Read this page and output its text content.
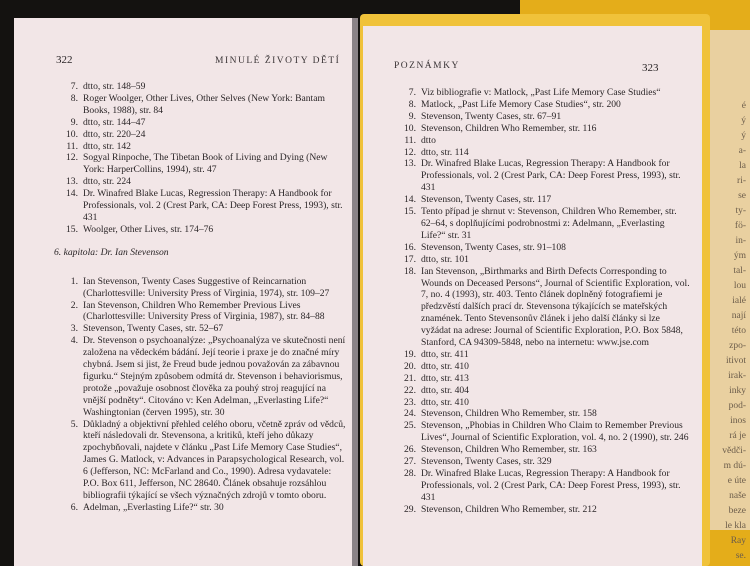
é
ý
ý
a-
la
ri-
se
ty-
fö-
in-
ým
tal-
lou
ialé
nají
této
zpo-
itivot
irak-
inky
pod-
inos
rá je
vědči-
m dú-
e úte
naše
beze
le kla
Ray
se.
322	MINULÉ ŽIVOTY DĚTÍ
7. dtto, str. 148–59
8. Roger Woolger, Other Lives, Other Selves (New York: Bantam Books, 1988), str. 84
9. dtto, str. 144–47
10. dtto, str. 220–24
11. dtto, str. 142
12. Sogyal Rinpoche, The Tibetan Book of Living and Dying (New York: HarperCollins, 1994), str. 47
13. dtto, str. 224
14. Dr. Winafred Blake Lucas, Regression Therapy: A Handbook for Professionals, vol. 2 (Crest Park, CA: Deep Forest Press, 1993), str. 431
15. Woolger, Other Lives, str. 174–76
6. kapitola: Dr. Ian Stevenson
1. Ian Stevenson, Twenty Cases Suggestive of Reincarnation (Charlottesville: University Press of Virginia, 1974), str. 109–27
2. Ian Stevenson, Children Who Remember Previous Lives (Charlottesville: University Press of Virginia, 1987), str. 84–88
3. Stevenson, Twenty Cases, str. 52–67
4. Dr. Stevenson o psychoanalýze: „Psychoanalýza ve skutečnosti není založena na vědeckém bádání. Její teorie i praxe je do značné míry chybná. Jsem si jist, že Freud bude jednou považován za zábavnou figurku.“ Stejným způsobem odmítá dr. Stevenson i behaviorismus, protože „považuje osobnost člověka za pouhý stroj reagující na vnější podněty“. Citováno v: Ken Adelman, „Everlasting Life?“ Washingtonian (červen 1995), str. 30
5. Důkladný a objektivní přehled celého oboru, včetně zpráv od vědců, kteří následovali dr. Stevensona, a kritiků, kteří jeho důkazy zpochybňovali, najdete v článku „Past Life Memory Case Studies“, James G. Matlock, v: Advances in Parapsychological Research, vol. 6 (Jefferson, NC: McFarland and Co., 1990). Adresa vydavatele: P.O. Box 611, Jefferson, NC 28640. Článek obsahuje rozsáhlou bibliografii týkající se všech význačných zdrojů v tomto oboru.
6. Adelman, „Everlasting Life?“ str. 30
POZNÁMKY	323
7. Viz bibliografie v: Matlock, „Past Life Memory Case Studies“
8. Matlock, „Past Life Memory Case Studies“, str. 200
9. Stevenson, Twenty Cases, str. 67–91
10. Stevenson, Children Who Remember, str. 116
11. dtto
12. dtto, str. 114
13. Dr. Winafred Blake Lucas, Regression Therapy: A Handbook for Professionals, vol. 2 (Crest Park, CA: Deep Forest Press, 1993), str. 431
14. Stevenson, Twenty Cases, str. 117
15. Tento případ je shrnut v: Stevenson, Children Who Remember, str. 62–64, s doplňujícími podrobnostmi z: Adelmann, „Everlasting Life?“ str. 31
16. Stevenson, Twenty Cases, str. 91–108
17. dtto, str. 101
18. Ian Stevenson, „Birthmarks and Birth Defects Corresponding to Wounds on Deceased Persons“, Journal of Scientific Exploration, vol. 7, no. 4 (1993), str. 403. Tento článek doplněný fotografiemi je předzvěstí dalších prací dr. Stevensona týkajících se mateřských znamének. Tento Stevensonův článek i jeho další články si lze vyžádat na adrese: Journal of Scientific Exploration, P.O. Box 5848, Stanford, CA 94309-5848, nebo na internetu: www.jse.com
19. dtto, str. 411
20. dtto, str. 410
21. dtto, str. 413
22. dtto, str. 404
23. dtto, str. 410
24. Stevenson, Children Who Remember, str. 158
25. Stevenson, „Phobias in Children Who Claim to Remember Previous Lives“, Journal of Scientific Exploration, vol. 4, no. 2 (1990), str. 246
26. Stevenson, Children Who Remember, str. 163
27. Stevenson, Twenty Cases, str. 329
28. Dr. Winafred Blake Lucas, Regression Therapy: A Handbook for Professionals, vol. 2 (Crest Park, CA: Deep Forest Press, 1993), str. 431
29. Stevenson, Children Who Remember, str. 212
